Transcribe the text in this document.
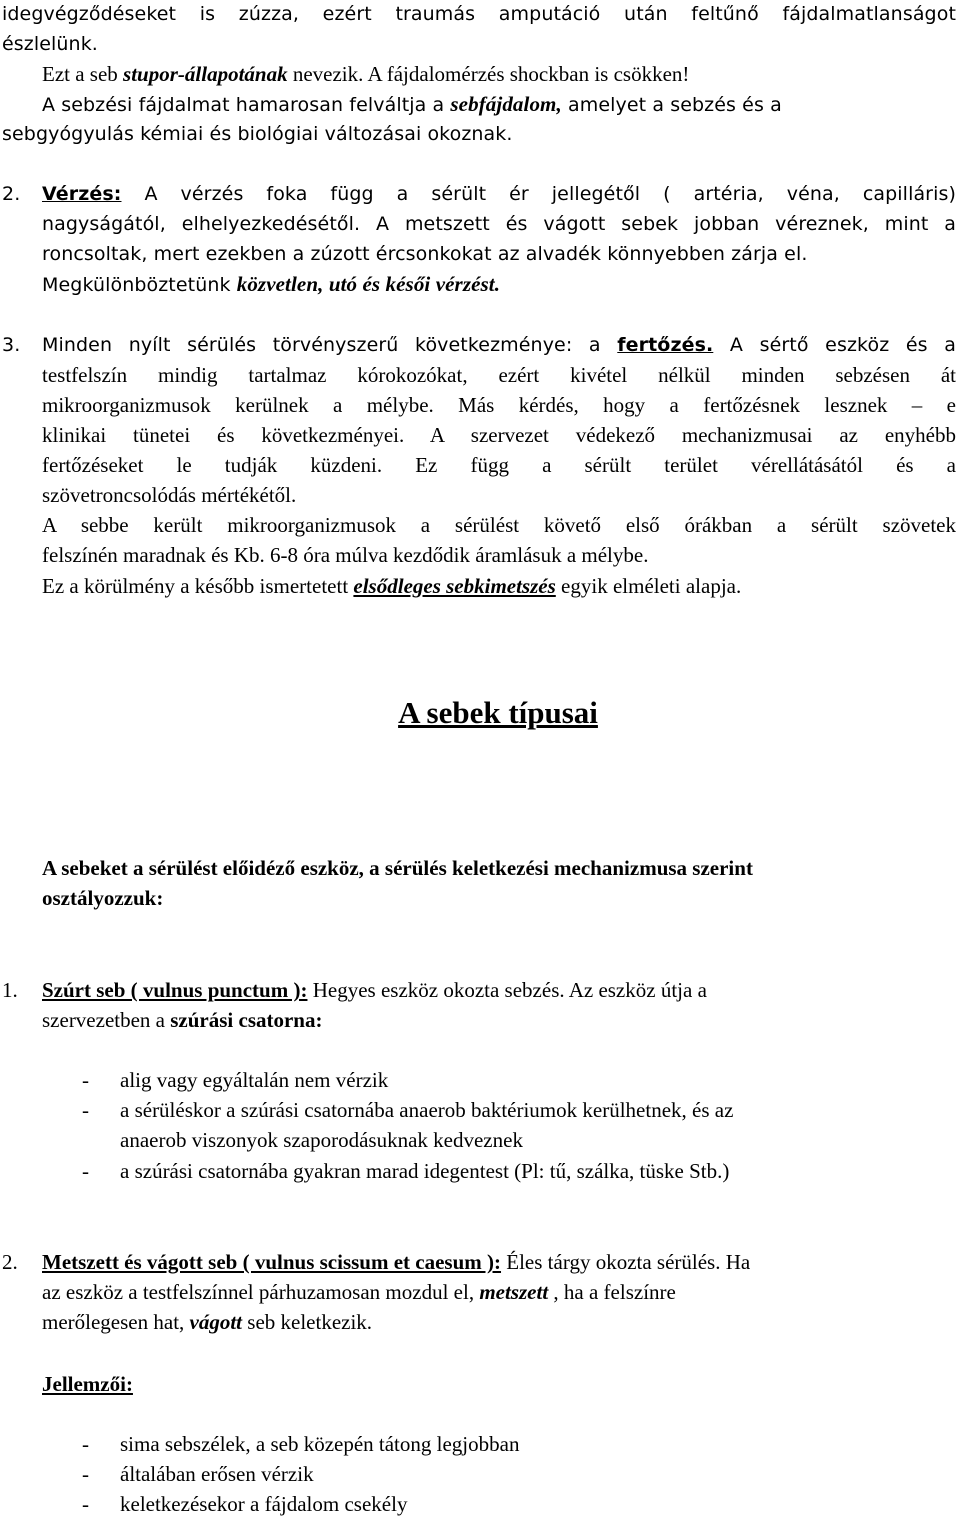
idegvégződéseket is zúzza, ezért traumás amputáció után feltűnő fájdalmatlanságot
észlelünk.
Ezt a seb stupor-állapotának nevezik. A fájdalomérzés shockban is csökken!
A sebzési fájdalmat hamarosan felváltja a sebfájdalom, amelyet a sebzés és a
sebgyógyulás kémiai és biológiai változásai okoznak.
2. Vérzés: A vérzés foka függ a sérült ér jellegétől ( artéria, véna, capilláris)
nagyságától, elhelyezkedésétől. A metszett és vágott sebek jobban véreznek, mint a
roncsoltak, mert ezekben a zúzott ércsonkokat az alvadék könnyebben zárja el.
Megkülönböztetünk közvetlen, utó és késői vérzést.
3. Minden nyílt sérülés törvényszerű következménye: a fertőzés. A sértő eszköz és a
testfelszín mindig tartalmaz kórokozókat, ezért kivétel nélkül minden sebzésen át
mikroorganizmusok kerülnek a mélybe. Más kérdés, hogy a fertőzésnek lesznek – e
klinikai tünetei és következményei. A szervezet védekező mechanizmusai az enyhébb
fertőzéseket le tudják küzdeni. Ez függ a sérült terület vérellátásától és a
szövetroncsolódás mértékétől.
A sebbe került mikroorganizmusok a sérülést követő első órákban a sérült szövetek
felszínén maradnak és Kb. 6-8 óra múlva kezdődik áramlásuk a mélybe.
Ez a körülmény a később ismertetett elsődleges sebkimetszés egyik elméleti alapja.
A sebek típusai
A sebeket a sérülést előidéző eszköz, a sérülés keletkezési mechanizmusa szerint
osztályozzuk:
1. Szúrt seb ( vulnus punctum ): Hegyes eszköz okozta sebzés. Az eszköz útja a
szervezetben a szúrási csatorna:
- alig vagy egyáltalán nem vérzik
- a sérüléskor a szúrási csatornába anaerob baktériumok kerülhetnek, és az
anaerob viszonyok szaporodásuknak kedveznek
- a szúrási csatornába gyakran marad idegentest (Pl: tű, szálka, tüske Stb.)
2. Metszett és vágott seb ( vulnus scissum et caesum ): Éles tárgy okozta sérülés. Ha
az eszköz a testfelszínnel párhuzamosan mozdul el, metszett , ha a felszínre
merőlegesen hat, vágott seb keletkezik.
Jellemzői:
- sima sebszélek, a seb közepén tátong legjobban
- általában erősen vérzik
- keletkezésekor a fájdalom csekély
